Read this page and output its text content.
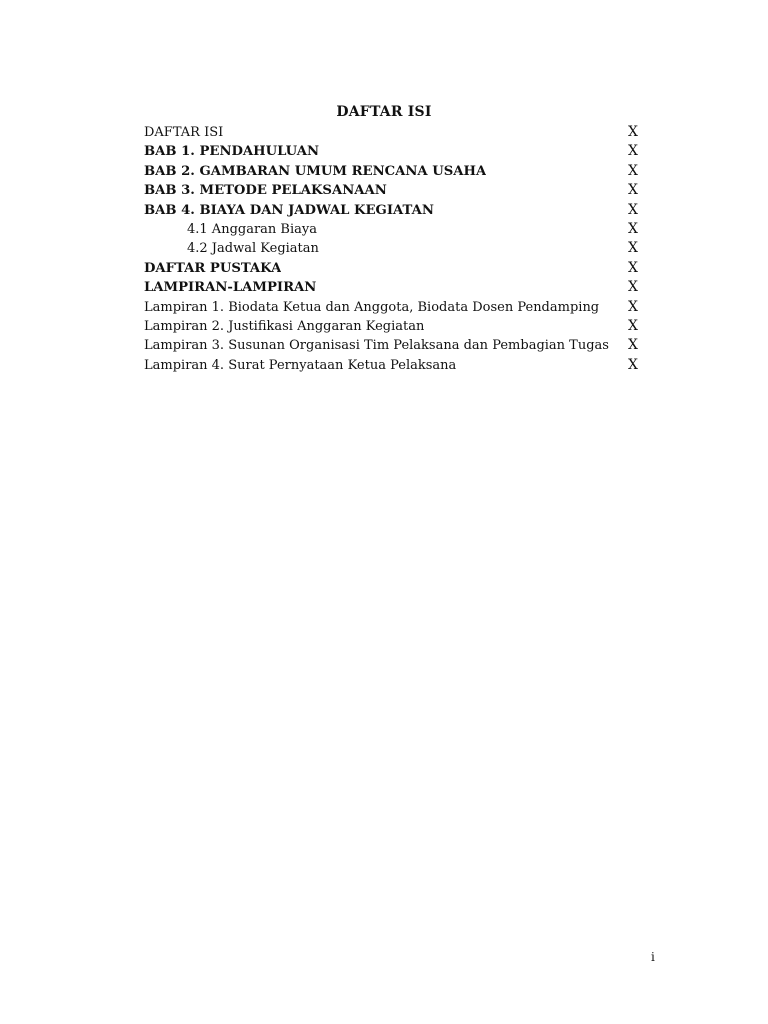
DAFTAR ISI
DAFTAR ISI	X
BAB 1. PENDAHULUAN	X
BAB 2. GAMBARAN UMUM RENCANA USAHA	X
BAB 3. METODE PELAKSANAAN	X
BAB 4. BIAYA DAN JADWAL KEGIATAN	X
4.1 Anggaran Biaya	X
4.2 Jadwal Kegiatan	X
DAFTAR PUSTAKA	X
LAMPIRAN-LAMPIRAN	X
Lampiran 1. Biodata Ketua dan Anggota, Biodata Dosen Pendamping X
Lampiran 2. Justifikasi Anggaran Kegiatan	X
Lampiran 3. Susunan Organisasi Tim Pelaksana dan Pembagian Tugas X
Lampiran 4. Surat Pernyataan Ketua Pelaksana	X
i
